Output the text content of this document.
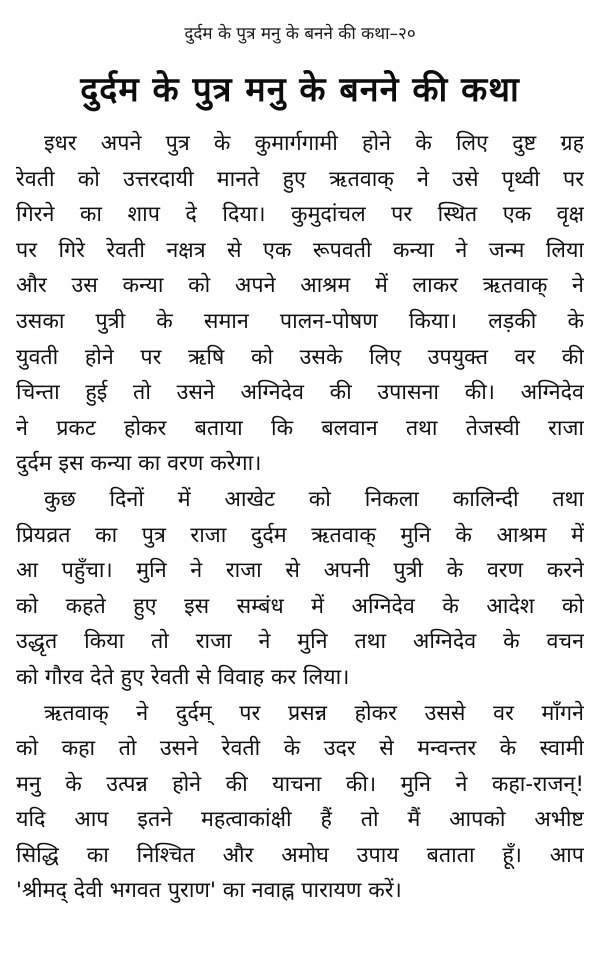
दुर्दम के पुत्र मनु के बनने की कथा–२०
दुर्दम के पुत्र मनु के बनने की कथा
इधर अपने पुत्र के कुमार्गगामी होने के लिए दुष्ट ग्रह
रेवती को उत्तरदायी मानते हुए ऋतवाक् ने उसे पृथ्वी पर
गिरने का शाप दे दिया। कुमुदांचल पर स्थित एक वृक्ष
पर गिरे रेवती नक्षत्र से एक रूपवती कन्या ने जन्म लिया
और उस कन्या को अपने आश्रम में लाकर ऋतवाक् ने
उसका पुत्री के समान पालन-पोषण किया। लड़की के
युवती होने पर ऋषि को उसके लिए उपयुक्त वर की
चिन्ता हुई तो उसने अग्निदेव की उपासना की। अग्निदेव
ने प्रकट होकर बताया कि बलवान तथा तेजस्वी राजा
दुर्दम इस कन्या का वरण करेगा।
कुछ दिनों में आखेट को निकला कालिन्दी तथा
प्रियव्रत का पुत्र राजा दुर्दम ऋतवाक् मुनि के आश्रम में
आ पहुँचा। मुनि ने राजा से अपनी पुत्री के वरण करने
को कहते हुए इस सम्बंध में अग्निदेव के आदेश को
उद्धृत किया तो राजा ने मुनि तथा अग्निदेव के वचन
को गौरव देते हुए रेवती से विवाह कर लिया।
ऋतवाक् ने दुर्दम् पर प्रसन्न होकर उससे वर माँगने
को कहा तो उसने रेवती के उदर से मन्वन्तर के स्वामी
मनु के उत्पन्न होने की याचना की। मुनि ने कहा-राजन्!
यदि आप इतने महत्वाकांक्षी हैं तो मैं आपको अभीष्ट
सिद्धि का निश्चित और अमोघ उपाय बताता हूँ। आप
'श्रीमद् देवी भगवत पुराण' का नवाह्न पारायण करें।
